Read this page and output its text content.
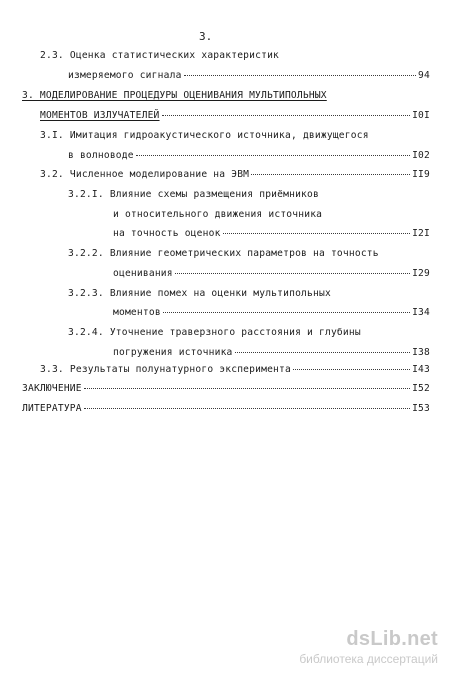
3.
2.3. Оценка статистических характеристик
измеряемого сигнала	94
3. МОДЕЛИРОВАНИЕ ПРОЦЕДУРЫ ОЦЕНИВАНИЯ МУЛЬТИПОЛЬНЫХ
МОМЕНТОВ ИЗЛУЧАТЕЛЕЙ	I0I
3.I. Имитация гидроакустического источника, движущегося
в волноводе	I02
3.2. Численное моделирование на ЭВМ	II9
3.2.I. Влияние схемы размещения приёмников
и относительного движения источника
на точность оценок	I2I
3.2.2. Влияние геометрических параметров на точность
оценивания	I29
3.2.3. Влияние помех на оценки мультипольных
моментов	I34
3.2.4. Уточнение траверзного расстояния и глубины
погружения источника	I38
3.3. Результаты полунатурного эксперимента	I43
ЗАКЛЮЧЕНИЕ	I52
ЛИТЕРАТУРА	I53
dsLib.net
библиотека диссертаций
